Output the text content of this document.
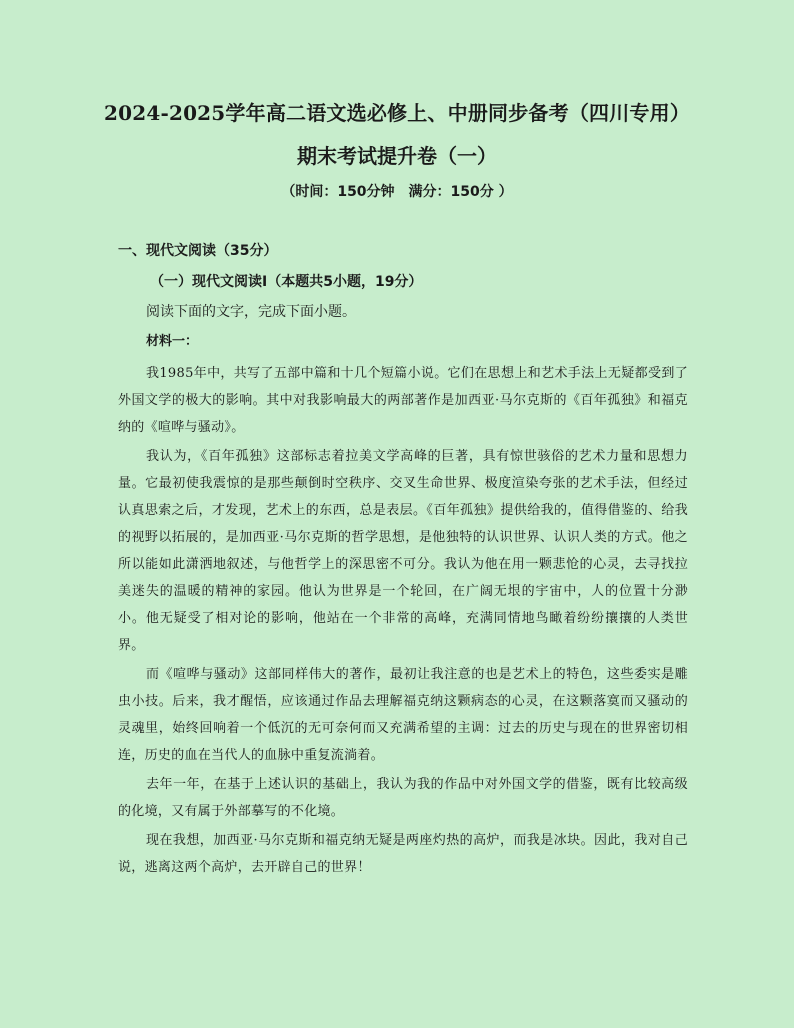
2024-2025学年高二语文选必修上、中册同步备考（四川专用）
期末考试提升卷（一）
（时间：150分钟　满分：150分 ）
一、现代文阅读（35分）
（一）现代文阅读Ⅰ（本题共5小题，19分）
阅读下面的文字，完成下面小题。
材料一：

我1985年中，共写了五部中篇和十几个短篇小说。它们在思想上和艺术手法上无疑都受到了外国文学的极大的影响。其中对我影响最大的两部著作是加西亚·马尔克斯的《百年孤独》和福克纳的《喧哗与骚动》。

我认为，《百年孤独》这部标志着拉美文学高峰的巨著，具有惊世骇俗的艺术力量和思想力量。它最初使我震惊的是那些颠倒时空秩序、交叉生命世界、极度渲染夸张的艺术手法，但经过认真思索之后，才发现，艺术上的东西，总是表层。《百年孤独》提供给我的，值得借鉴的、给我的视野以拓展的，是加西亚·马尔克斯的哲学思想，是他独特的认识世界、认识人类的方式。他之所以能如此潇洒地叙述，与他哲学上的深思密不可分。我认为他在用一颗悲怆的心灵，去寻找拉美迷失的温暖的精神的家园。他认为世界是一个轮回，在广阔无垠的宇宙中，人的位置十分渺小。他无疑受了相对论的影响，他站在一个非常的高峰，充满同情地鸟瞰着纷纷攘攘的人类世界。

而《喧哗与骚动》这部同样伟大的著作，最初让我注意的也是艺术上的特色，这些委实是雕虫小技。后来，我才醒悟，应该通过作品去理解福克纳这颗病态的心灵，在这颗落寞而又骚动的灵魂里，始终回响着一个低沉的无可奈何而又充满希望的主调：过去的历史与现在的世界密切相连，历史的血在当代人的血脉中重复流淌着。

去年一年，在基于上述认识的基础上，我认为我的作品中对外国文学的借鉴，既有比较高级的化境，又有属于外部摹写的不化境。

现在我想，加西亚·马尔克斯和福克纳无疑是两座灼热的高炉，而我是冰块。因此，我对自己说，逃离这两个高炉，去开辟自己的世界！
